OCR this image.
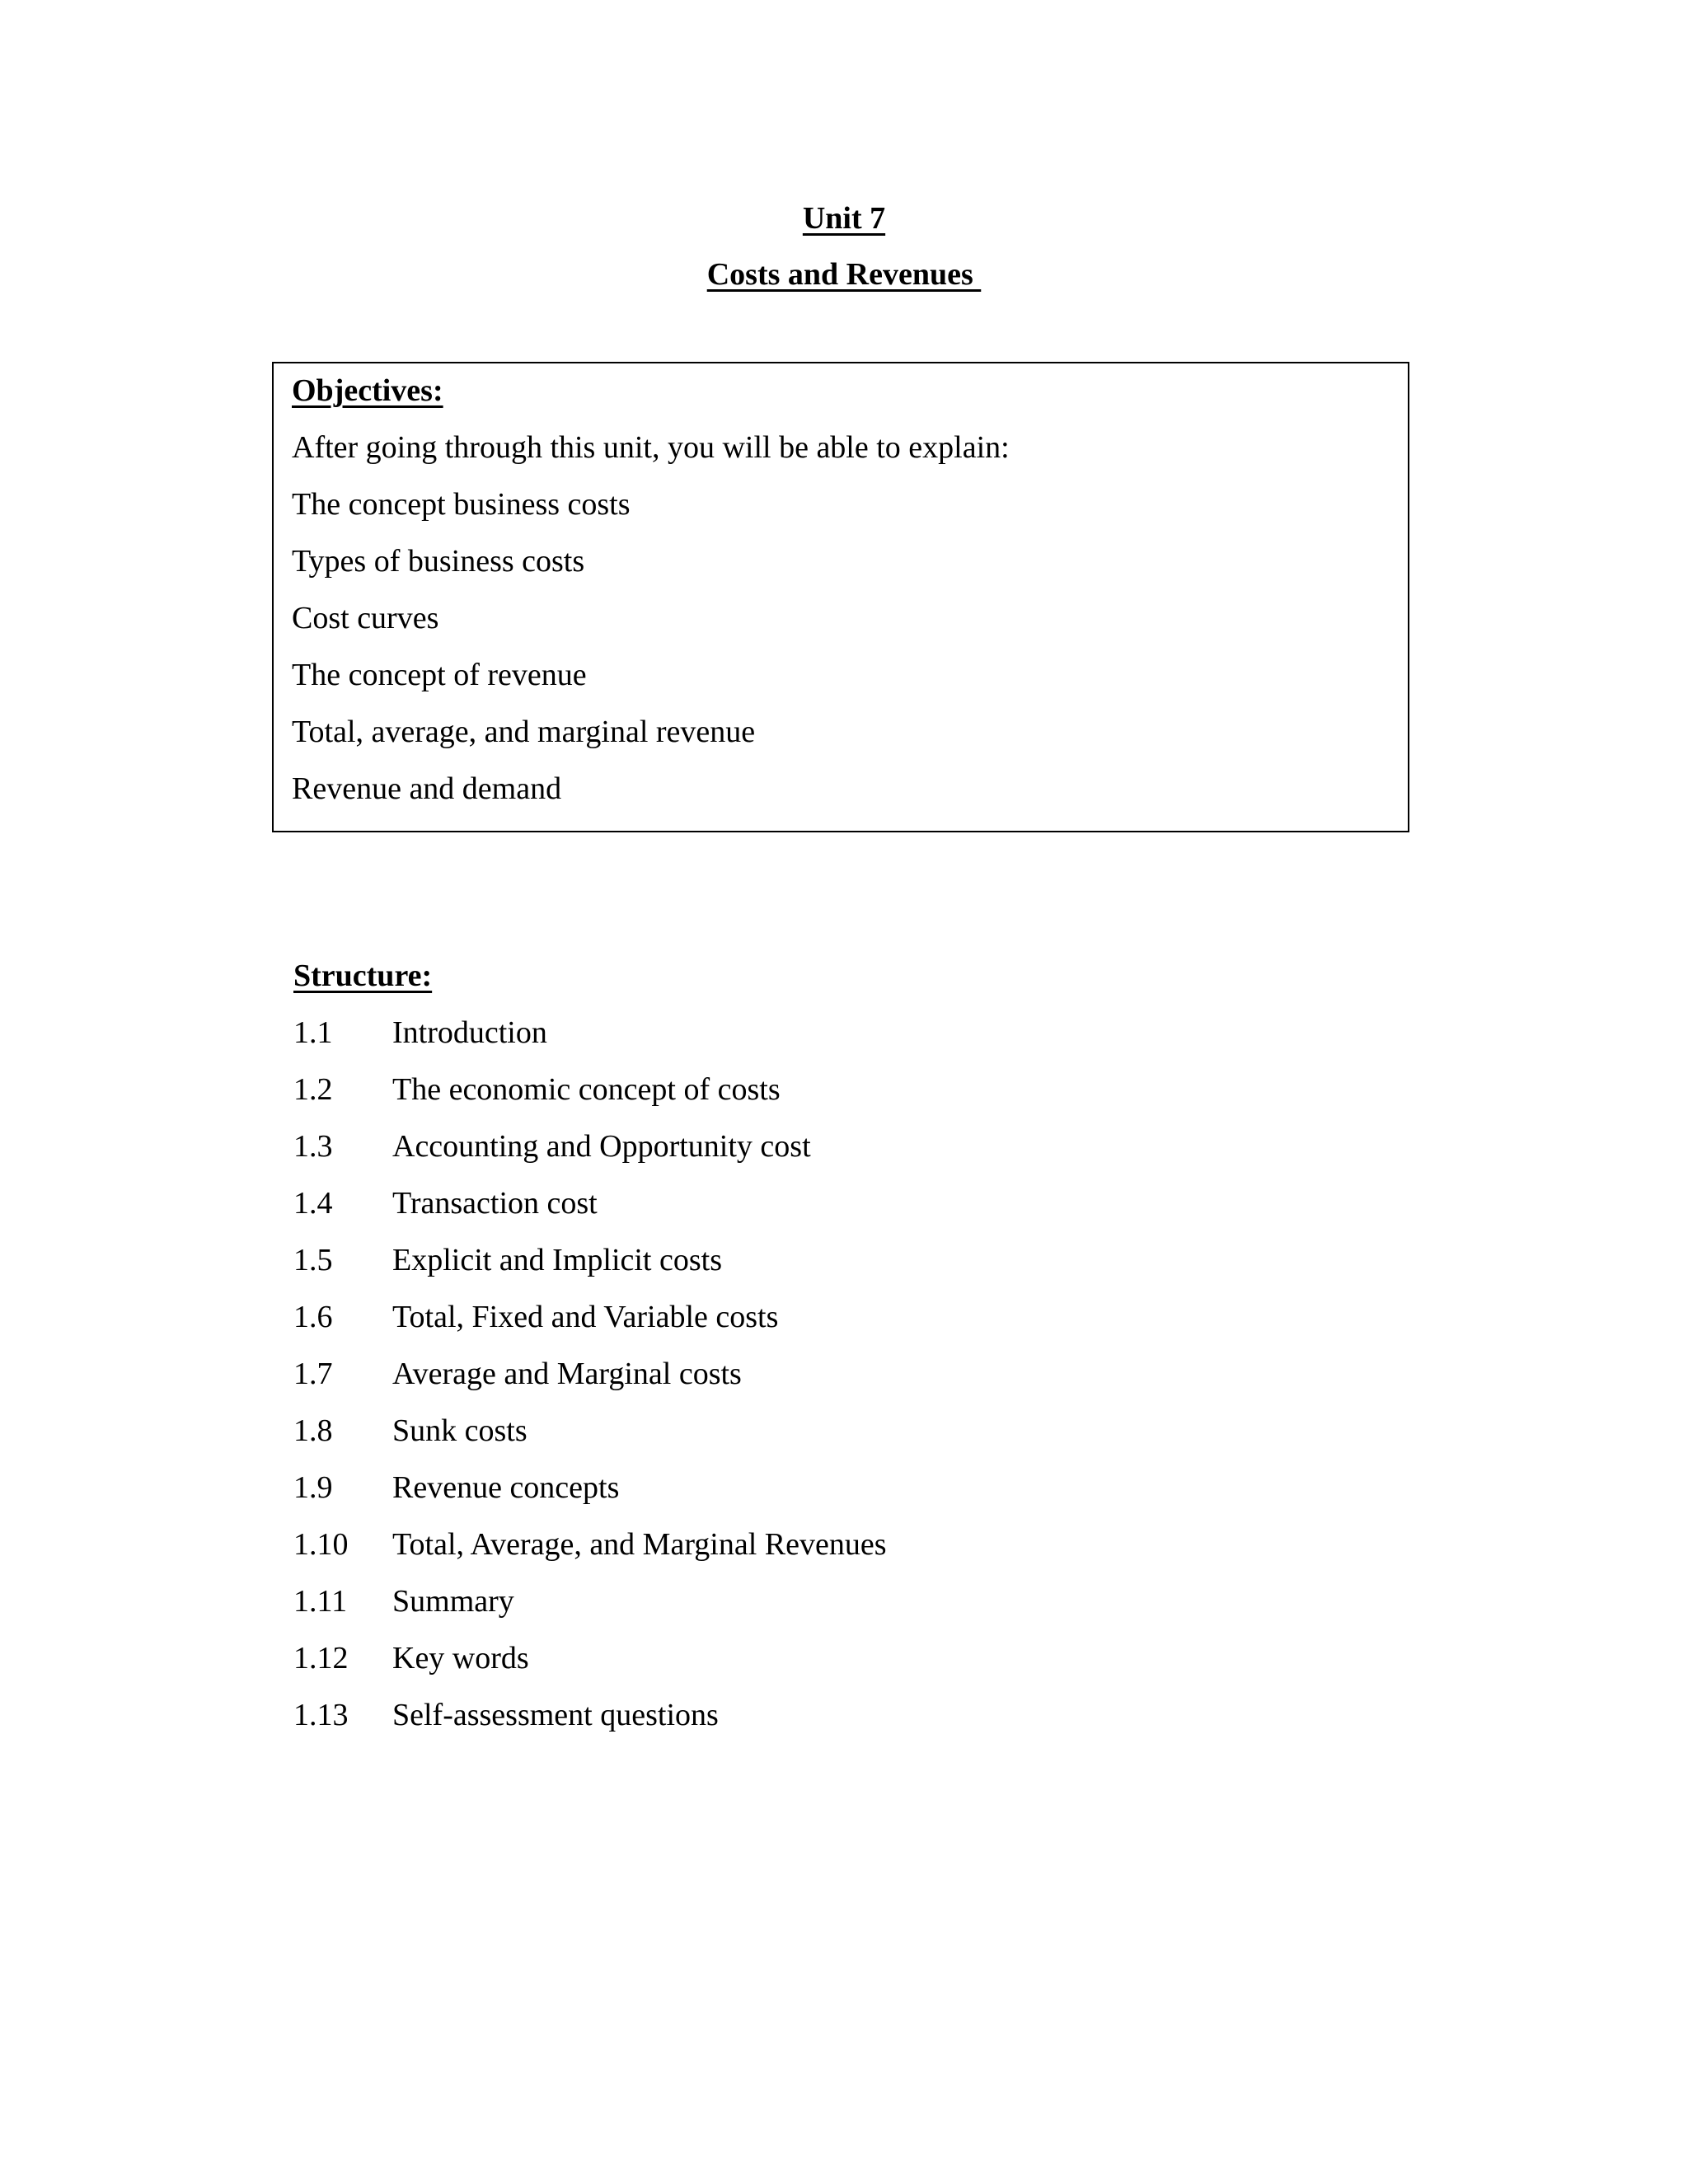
Unit 7
Costs and Revenues
Objectives:
After going through this unit, you will be able to explain:
The concept business costs
Types of business costs
Cost curves
The concept of revenue
Total, average, and marginal revenue
Revenue and demand
Structure:
1.1 Introduction
1.2 The economic concept of costs
1.3 Accounting and Opportunity cost
1.4 Transaction cost
1.5 Explicit and Implicit costs
1.6 Total, Fixed and Variable costs
1.7 Average and Marginal costs
1.8 Sunk costs
1.9 Revenue concepts
1.10 Total, Average, and Marginal Revenues
1.11 Summary
1.12 Key words
1.13 Self-assessment questions
